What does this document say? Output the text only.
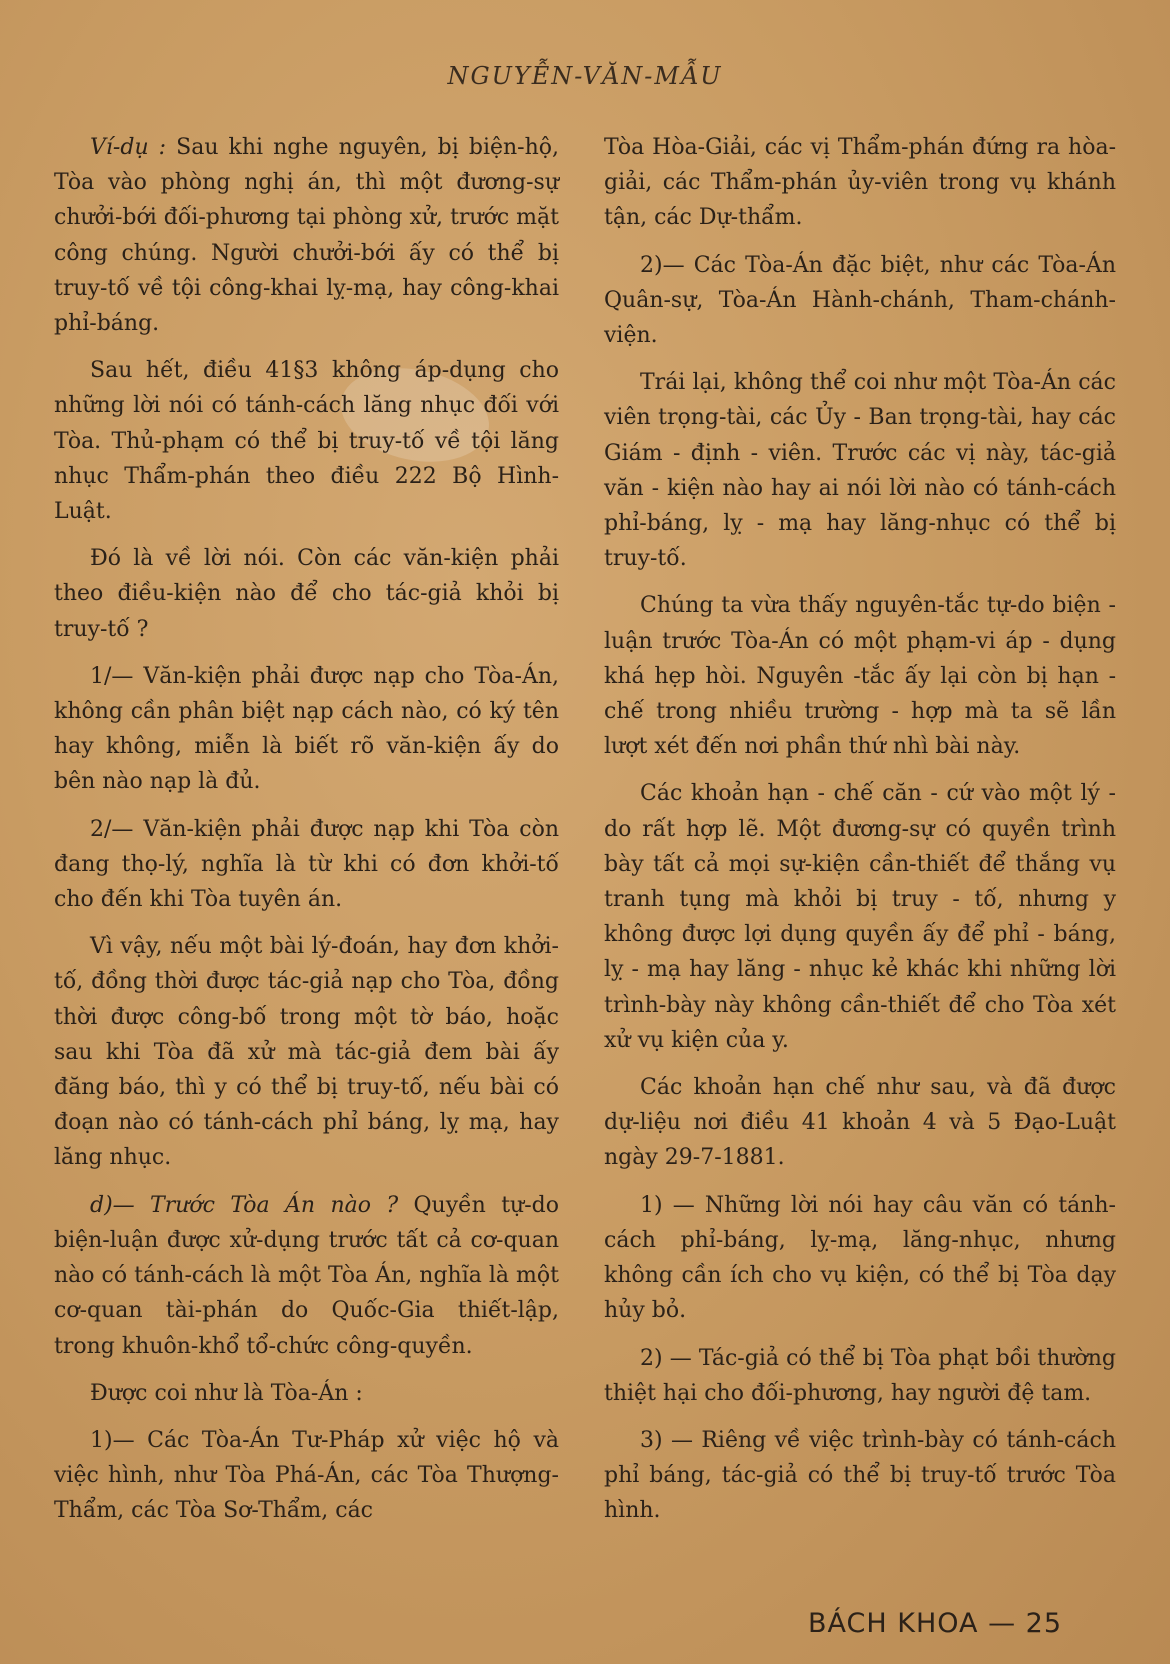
NGUYỄN-VĂN-MẪU

Ví-dụ : Sau khi nghe nguyên, bị biện-hộ, Tòa vào phòng nghị án, thì một đương-sự chưởi-bới đối-phương tại phòng xử, trước mặt công chúng. Người chưởi-bới ấy có thể bị truy-tố về tội công-khai lỵ-mạ, hay công-khai phỉ-báng.

Sau hết, điều 41§3 không áp-dụng cho những lời nói có tánh-cách lăng nhục đối với Tòa. Thủ-phạm có thể bị truy-tố về tội lăng nhục Thẩm-phán theo điều 222 Bộ Hình-Luật.

Đó là về lời nói. Còn các văn-kiện phải theo điều-kiện nào để cho tác-giả khỏi bị truy-tố ?

1/— Văn-kiện phải được nạp cho Tòa-Án, không cần phân biệt nạp cách nào, có ký tên hay không, miễn là biết rõ văn-kiện ấy do bên nào nạp là đủ.

2/— Văn-kiện phải được nạp khi Tòa còn đang thọ-lý, nghĩa là từ khi có đơn khởi-tố cho đến khi Tòa tuyên án.

Vì vậy, nếu một bài lý-đoán, hay đơn khởi-tố, đồng thời được tác-giả nạp cho Tòa, đồng thời được công-bố trong một tờ báo, hoặc sau khi Tòa đã xử mà tác-giả đem bài ấy đăng báo, thì y có thể bị truy-tố, nếu bài có đoạn nào có tánh-cách phỉ báng, lỵ mạ, hay lăng nhục.

d)— Trước Tòa Án nào ? Quyền tự-do biện-luận được xử-dụng trước tất cả cơ-quan nào có tánh-cách là một Tòa Án, nghĩa là một cơ-quan tài-phán do Quốc-Gia thiết-lập, trong khuôn-khổ tổ-chức công-quyền.

Được coi như là Tòa-Án :

1)— Các Tòa-Án Tư-Pháp xử việc hộ và việc hình, như Tòa Phá-Án, các Tòa Thượng-Thẩm, các Tòa Sơ-Thẩm, các

Tòa Hòa-Giải, các vị Thẩm-phán đứng ra hòa-giải, các Thẩm-phán ủy-viên trong vụ khánh tận, các Dự-thẩm.

2)— Các Tòa-Án đặc biệt, như các Tòa-Án Quân-sự, Tòa-Án Hành-chánh, Tham-chánh-viện.

Trái lại, không thể coi như một Tòa-Án các viên trọng-tài, các Ủy - Ban trọng-tài, hay các Giám - định - viên. Trước các vị này, tác-giả văn - kiện nào hay ai nói lời nào có tánh-cách phỉ-báng, lỵ - mạ hay lăng-nhục có thể bị truy-tố.

Chúng ta vừa thấy nguyên-tắc tự-do biện - luận trước Tòa-Án có một phạm-vi áp - dụng khá hẹp hòi. Nguyên -tắc ấy lại còn bị hạn - chế trong nhiều trường - hợp mà ta sẽ lần lượt xét đến nơi phần thứ nhì bài này.

Các khoản hạn - chế căn - cứ vào một lý - do rất hợp lẽ. Một đương-sự có quyền trình bày tất cả mọi sự-kiện cần-thiết để thắng vụ tranh tụng mà khỏi bị truy - tố, nhưng y không được lợi dụng quyền ấy để phỉ - báng, lỵ - mạ hay lăng - nhục kẻ khác khi những lời trình-bày này không cần-thiết để cho Tòa xét xử vụ kiện của y.

Các khoản hạn chế như sau, và đã được dự-liệu nơi điều 41 khoản 4 và 5 Đạo-Luật ngày 29-7-1881.

1) — Những lời nói hay câu văn có tánh-cách phỉ-báng, lỵ-mạ, lăng-nhục, nhưng không cần ích cho vụ kiện, có thể bị Tòa dạy hủy bỏ.

2) — Tác-giả có thể bị Tòa phạt bồi thường thiệt hại cho đối-phương, hay người đệ tam.

3) — Riêng về việc trình-bày có tánh-cách phỉ báng, tác-giả có thể bị truy-tố trước Tòa hình.

BÁCH KHOA — 25
